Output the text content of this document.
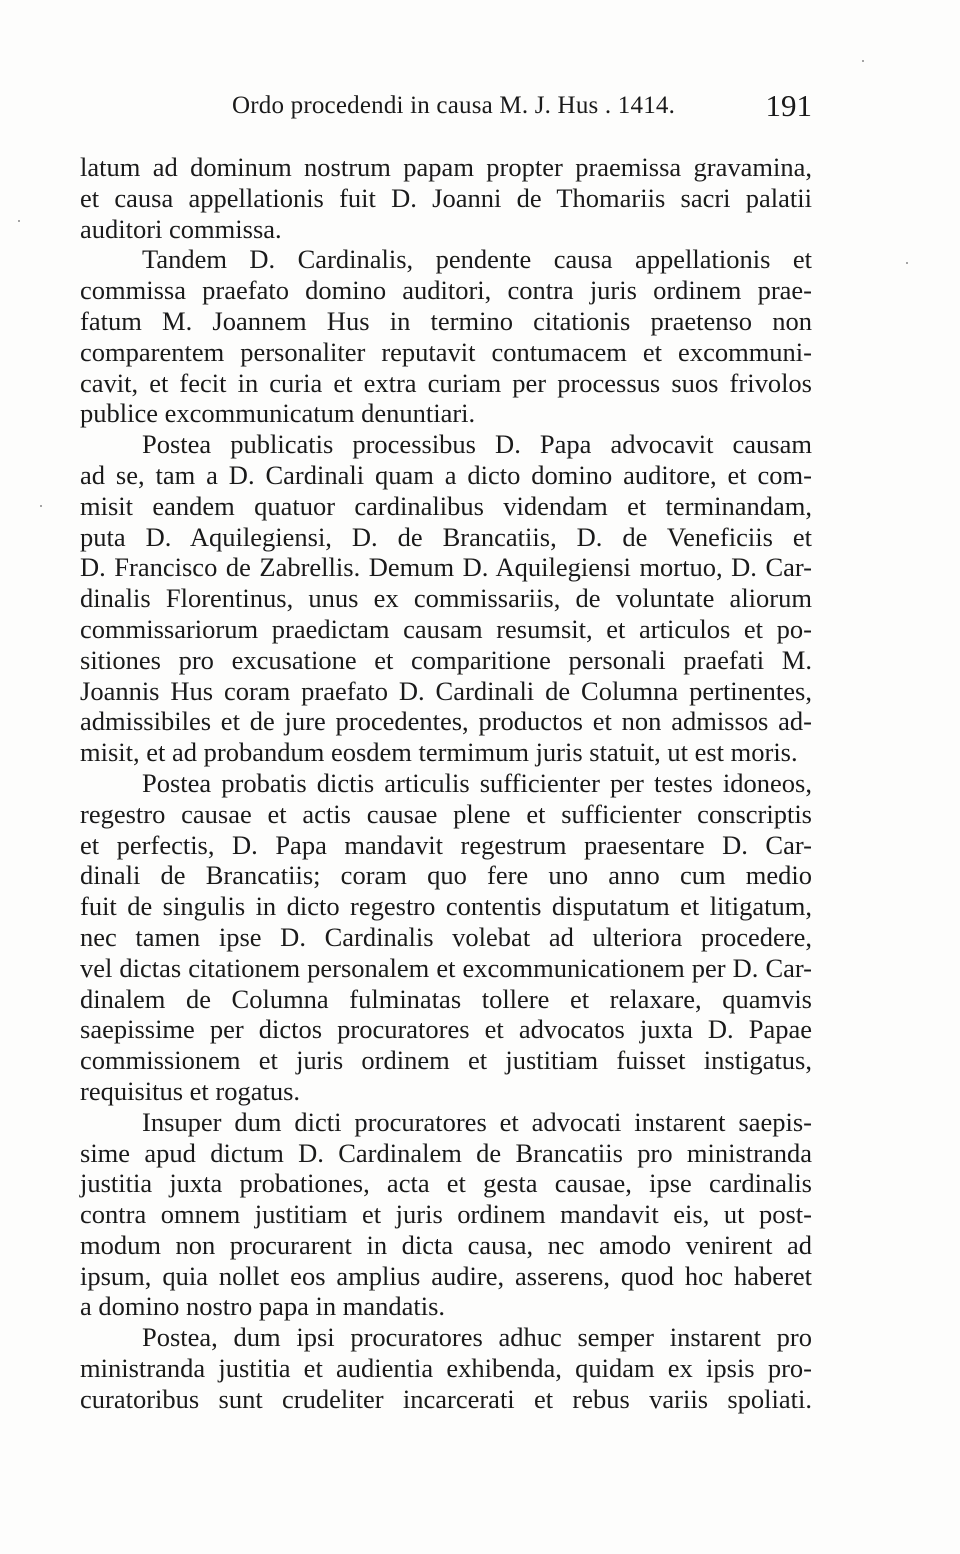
Ordo procedendi in causa M. J. Hus . 1414.	191
latum ad dominum nostrum papam propter praemissa gravamina,
et causa appellationis fuit D. Joanni de Thomariis sacri palatii
auditori commissa.
Tandem D. Cardinalis, pendente causa appellationis et
commissa praefato domino auditori, contra juris ordinem prae-
fatum M. Joannem Hus in termino citationis praetenso non
comparentem personaliter reputavit contumacem et excommuni-
cavit, et fecit in curia et extra curiam per processus suos frivolos
publice excommunicatum denuntiari.
Postea publicatis processibus D. Papa advocavit causam
ad se, tam a D. Cardinali quam a dicto domino auditore, et com-
misit eandem quatuor cardinalibus videndam et terminandam,
puta D. Aquilegiensi, D. de Brancatiis, D. de Veneficiis et
D. Francisco de Zabrellis. Demum D. Aquilegiensi mortuo, D. Car-
dinalis Florentinus, unus ex commissariis, de voluntate aliorum
commissariorum praedictam causam resumsit, et articulos et po-
sitiones pro excusatione et comparitione personali praefati M.
Joannis Hus coram praefato D. Cardinali de Columna pertinentes,
admissibiles et de jure procedentes, productos et non admissos ad-
misit, et ad probandum eosdem termimum juris statuit, ut est moris.
Postea probatis dictis articulis sufficienter per testes idoneos,
regestro causae et actis causae plene et sufficienter conscriptis
et perfectis, D. Papa mandavit regestrum praesentare D. Car-
dinali de Brancatiis; coram quo fere uno anno cum medio
fuit de singulis in dicto regestro contentis disputatum et litigatum,
nec tamen ipse D. Cardinalis volebat ad ulteriora procedere,
vel dictas citationem personalem et excommunicationem per D. Car-
dinalem de Columna fulminatas tollere et relaxare, quamvis
saepissime per dictos procuratores et advocatos juxta D. Papae
commissionem et juris ordinem et justitiam fuisset instigatus,
requisitus et rogatus.
Insuper dum dicti procuratores et advocati instarent saepis-
sime apud dictum D. Cardinalem de Brancatiis pro ministranda
justitia juxta probationes, acta et gesta causae, ipse cardinalis
contra omnem justitiam et juris ordinem mandavit eis, ut post-
modum non procurarent in dicta causa, nec amodo venirent ad
ipsum, quia nollet eos amplius audire, asserens, quod hoc haberet
a domino nostro papa in mandatis.
Postea, dum ipsi procuratores adhuc semper instarent pro
ministranda justitia et audientia exhibenda, quidam ex ipsis pro-
curatoribus sunt crudeliter incarcerati et rebus variis spoliati.
